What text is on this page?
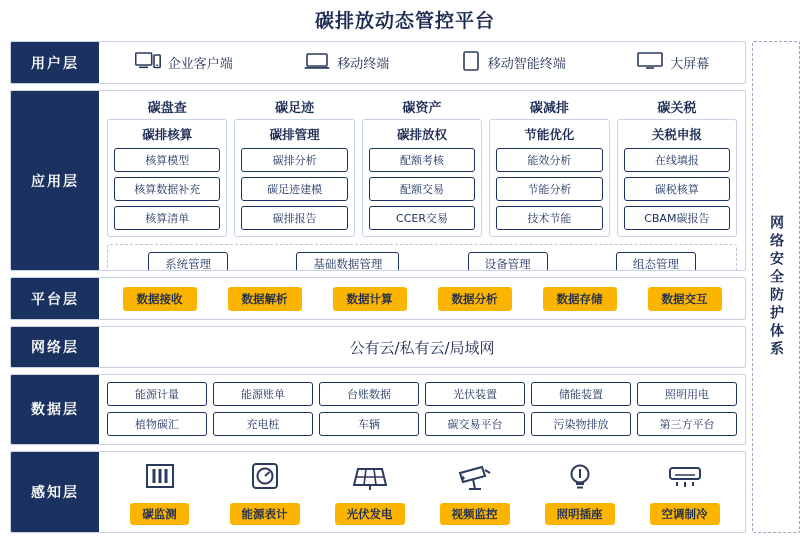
碳排放动态管控平台
用户层	企业客户端	移动终端	移动智能终端	大屏幕
应用层
碳盘查
碳排核算
核算模型
核算数据补充
核算清单
碳足迹
碳排管理
碳排分析
碳足迹建模
碳排报告
碳资产
碳排放权
配额考核
配额交易
CCER交易
碳减排
节能优化
能效分析
节能分析
技术节能
碳关税
关税申报
在线填报
碳税核算
CBAM碳报告
系统管理	基础数据管理	设备管理	组态管理
平台层	数据接收	数据解析	数据计算	数据分析	数据存储	数据交互
网络层	公有云/私有云/局域网
数据层
能源计量	能源账单	台账数据	光伏装置	储能装置	照明用电
植物碳汇	充电桩	车辆	碳交易平台	污染物排放	第三方平台
感知层
碳监测	能源表计	光伏发电	视频监控	照明插座	空调制冷
网络安全防护体系
